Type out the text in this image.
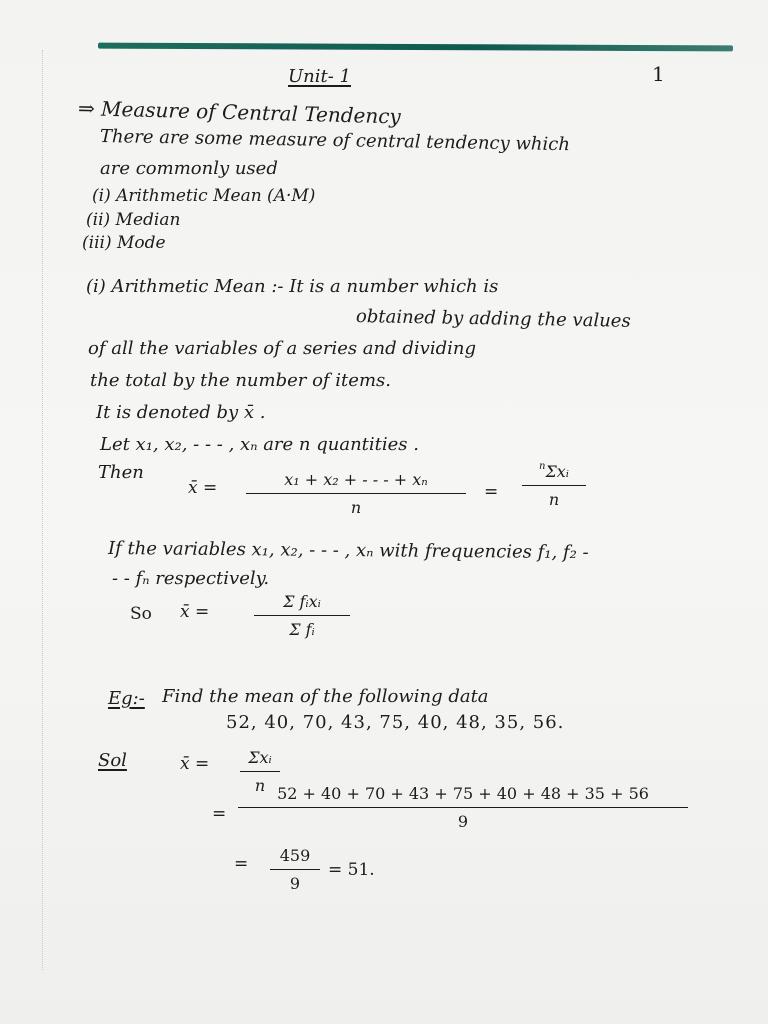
Unit- 1	1
⇒ Measure of Central Tendency
There are some measure of central tendency which
are commonly used
(i) Arithmetic Mean (A·M)
(ii) Median
(iii) Mode
(i) Arithmetic Mean :- It is a number which is
obtained by adding the values
of all the variables of a series and dividing
the total by the number of items.
It is denoted by x̄ .
Let x₁, x₂, - - - , xₙ are n quantities .
Then
x̄ =	x₁ + x₂ + - - - + xₙ
n
=
$^n$Σxᵢ
n
If the variables x₁, x₂, - - - , xₙ with frequencies f₁, f₂ -
- - fₙ respectively.
So x̄ =
Σ fᵢxᵢ
Σ fᵢ
Eg:- Find the mean of the following data
52, 40, 70, 43, 75, 40, 48, 35, 56.
Sol	x̄ = Σxᵢ
n
=
52 + 40 + 70 + 43 + 75 + 40 + 48 + 35 + 56
9
= 459
9
= 51.
